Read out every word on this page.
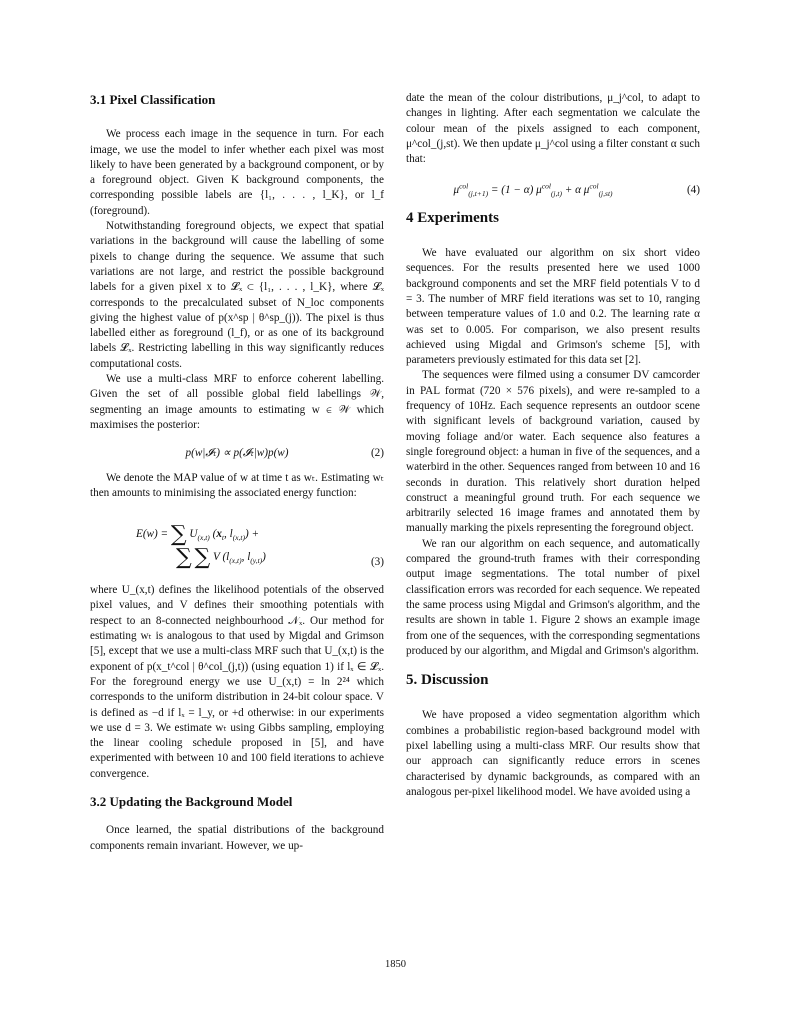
3.1 Pixel Classification

We process each image in the sequence in turn. For each image, we use the model to infer whether each pixel was most likely to have been generated by a background component, or by a foreground object. Given K background components, the corresponding possible labels are {l₁, . . . , l_K}, or l_f (foreground).

Notwithstanding foreground objects, we expect that spatial variations in the background will cause the labelling of some pixels to change during the sequence. We assume that such variations are not large, and restrict the possible background labels for a given pixel x to 𝓛ₓ ⊂ {l₁, . . . , l_K}, where 𝓛ₓ corresponds to the precalculated subset of N_loc components giving the highest value of p(x^sp | θ^sp_(j)). The pixel is thus labelled either as foreground (l_f), or as one of its background labels 𝓛ₓ. Restricting labelling in this way significantly reduces computational costs.

We use a multi-class MRF to enforce coherent labelling. Given the set of all possible global field labellings 𝒲, segmenting an image amounts to estimating w ∈ 𝒲 which maximises the posterior:

p(w|𝓘ₜ) ∝ p(𝓘ₜ|w)p(w)	(2)

We denote the MAP value of w at time t as wₜ. Estimating wₜ then amounts to minimising the associated energy function:

E(w) = ∑ $U_{(x,t)}$ ($x_t$, $l_{(x,t)}$) +
∑ ∑ V ($l_{(x,t)}$, $l_{(y,t)}$)	(3)

where U_(x,t) defines the likelihood potentials of the observed pixel values, and V defines their smoothing potentials with respect to an 8-connected neighbourhood 𝒩ₓ. Our method for estimating wₜ is analogous to that used by Migdal and Grimson [5], except that we use a multi-class MRF such that U_(x,t) is the exponent of p(x_t^col | θ^col_(j,t)) (using equation 1) if lₓ ∈ 𝓛ₓ. For the foreground energy we use U_(x,t) = ln 2²⁴ which corresponds to the uniform distribution in 24-bit colour space. V is defined as −d if lₓ = l_y, or +d otherwise: in our experiments we use d = 3. We estimate wₜ using Gibbs sampling, employing the linear cooling schedule proposed in [5], and have experimented with between 10 and 100 field iterations to achieve convergence.

3.2 Updating the Background Model

Once learned, the spatial distributions of the background components remain invariant. However, we up-

date the mean of the colour distributions, μ_j^col, to adapt to changes in lighting. After each segmentation we calculate the colour mean of the pixels assigned to each component, μ^col_(j,st). We then update μ_j^col using a filter constant α such that:

$\mu^{col}_{(j,t+1)} = (1 - \alpha) \mu^{col}_{(j,t)} + \alpha$ $\mu^{col}_{(j,st)}$	(4)
4 Experiments

We have evaluated our algorithm on six short video sequences. For the results presented here we used 1000 background components and set the MRF field potentials V to d = 3. The number of MRF field iterations was set to 10, ranging between temperature values of 1.0 and 0.2. The learning rate α was set to 0.005. For comparison, we also present results achieved using Migdal and Grimson's scheme [5], with parameters previously estimated for this data set [2].

The sequences were filmed using a consumer DV camcorder in PAL format (720 × 576 pixels), and were re-sampled to a frequency of 10Hz. Each sequence represents an outdoor scene with significant levels of background variation, caused by moving foliage and/or water. Each sequence also features a single foreground object: a human in five of the sequences, and a waterbird in the other. Sequences ranged from between 10 and 16 seconds in duration. This relatively short duration helped construct a meaningful ground truth. For each sequence we arbitrarily selected 16 image frames and annotated them by manually marking the pixels representing the foreground object.

We ran our algorithm on each sequence, and automatically compared the ground-truth frames with their corresponding output image segmentations. The total number of pixel classification errors was recorded for each sequence. We repeated the same process using Migdal and Grimson's algorithm, and the results are shown in table 1. Figure 2 shows an example image from one of the sequences, with the corresponding segmentations produced by our algorithm, and Migdal and Grimson's algorithm.

5. Discussion

We have proposed a video segmentation algorithm which combines a probabilistic region-based background model with pixel labelling using a multi-class MRF. Our results show that our approach can significantly reduce errors in scenes characterised by dynamic backgrounds, as compared with an analogous per-pixel likelihood model. We have avoided using a

1850
